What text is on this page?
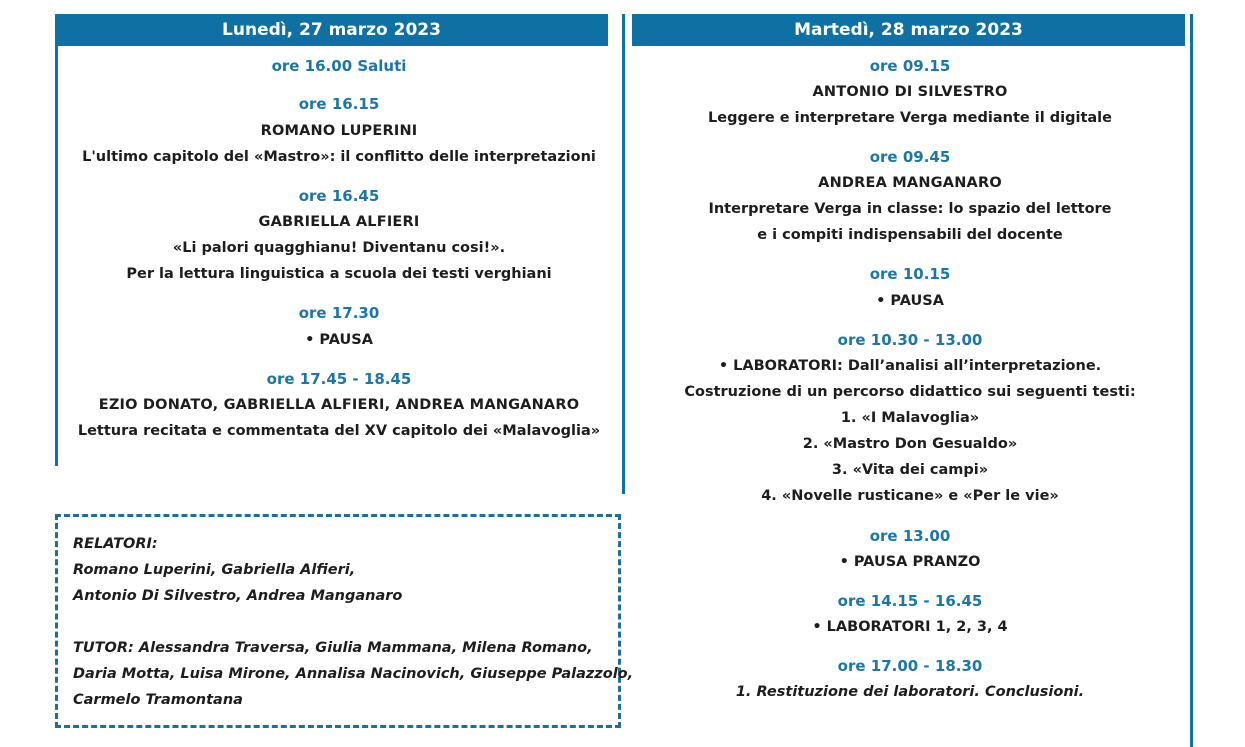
Lunedì, 27 marzo 2023	Martedì, 28 marzo 2023
ore 16.00 Saluti
ore 16.15
ROMANO LUPERINI
L'ultimo capitolo del «Mastro»: il conflitto delle interpretazioni
ore 16.45
GABRIELLA ALFIERI
«Li palori quagghianu! Diventanu cosi!».
Per la lettura linguistica a scuola dei testi verghiani
ore 17.30
• PAUSA
ore 17.45 - 18.45
EZIO DONATO, GABRIELLA ALFIERI, ANDREA MANGANARO
Lettura recitata e commentata del XV capitolo dei «Malavoglia»
ore 09.15
ANTONIO DI SILVESTRO
Leggere e interpretare Verga mediante il digitale
ore 09.45
ANDREA MANGANARO
Interpretare Verga in classe: lo spazio del lettore
e i compiti indispensabili del docente
ore 10.15
• PAUSA
ore 10.30 - 13.00
• LABORATORI: Dall’analisi all’interpretazione.
Costruzione di un percorso didattico sui seguenti testi:
1. «I Malavoglia»
2. «Mastro Don Gesualdo»
3. «Vita dei campi»
4. «Novelle rusticane» e «Per le vie»
ore 13.00
• PAUSA PRANZO
ore 14.15 - 16.45
• LABORATORI 1, 2, 3, 4
ore 17.00 - 18.30
1. Restituzione dei laboratori. Conclusioni.
RELATORI:
Romano Luperini, Gabriella Alfieri,
Antonio Di Silvestro, Andrea Manganaro
TUTOR: Alessandra Traversa, Giulia Mammana, Milena Romano,
Daria Motta, Luisa Mirone, Annalisa Nacinovich, Giuseppe Palazzolo,
Carmelo Tramontana
